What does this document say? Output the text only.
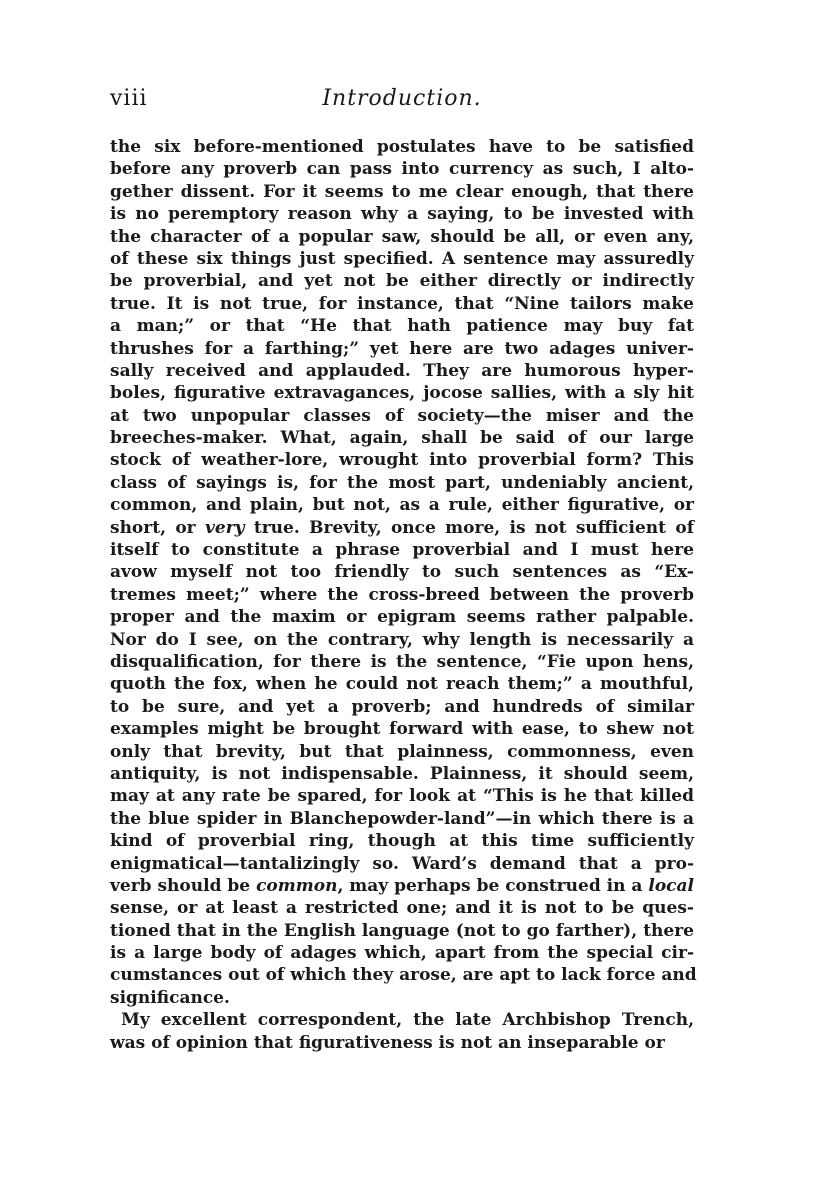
viii	Introduction.
the six before-mentioned postulates have to be satisfied
before any proverb can pass into currency as such, I alto-
gether dissent. For it seems to me clear enough, that there
is no peremptory reason why a saying, to be invested with
the character of a popular saw, should be all, or even any,
of these six things just specified. A sentence may assuredly
be proverbial, and yet not be either directly or indirectly
true. It is not true, for instance, that “Nine tailors make
a man;” or that “He that hath patience may buy fat
thrushes for a farthing;” yet here are two adages univer-
sally received and applauded. They are humorous hyper-
boles, figurative extravagances, jocose sallies, with a sly hit
at two unpopular classes of society—the miser and the
breeches-maker. What, again, shall be said of our large
stock of weather-lore, wrought into proverbial form? This
class of sayings is, for the most part, undeniably ancient,
common, and plain, but not, as a rule, either figurative, or
short, or very true. Brevity, once more, is not sufficient of
itself to constitute a phrase proverbial and I must here
avow myself not too friendly to such sentences as “Ex-
tremes meet;” where the cross-breed between the proverb
proper and the maxim or epigram seems rather palpable.
Nor do I see, on the contrary, why length is necessarily a
disqualification, for there is the sentence, “Fie upon hens,
quoth the fox, when he could not reach them;” a mouthful,
to be sure, and yet a proverb; and hundreds of similar
examples might be brought forward with ease, to shew not
only that brevity, but that plainness, commonness, even
antiquity, is not indispensable. Plainness, it should seem,
may at any rate be spared, for look at “This is he that killed
the blue spider in Blanchepowder-land”—in which there is a
kind of proverbial ring, though at this time sufficiently
enigmatical—tantalizingly so. Ward’s demand that a pro-
verb should be common, may perhaps be construed in a local
sense, or at least a restricted one; and it is not to be ques-
tioned that in the English language (not to go farther), there
is a large body of adages which, apart from the special cir-
cumstances out of which they arose, are apt to lack force and
significance.
My excellent correspondent, the late Archbishop Trench,
was of opinion that figurativeness is not an inseparable or
